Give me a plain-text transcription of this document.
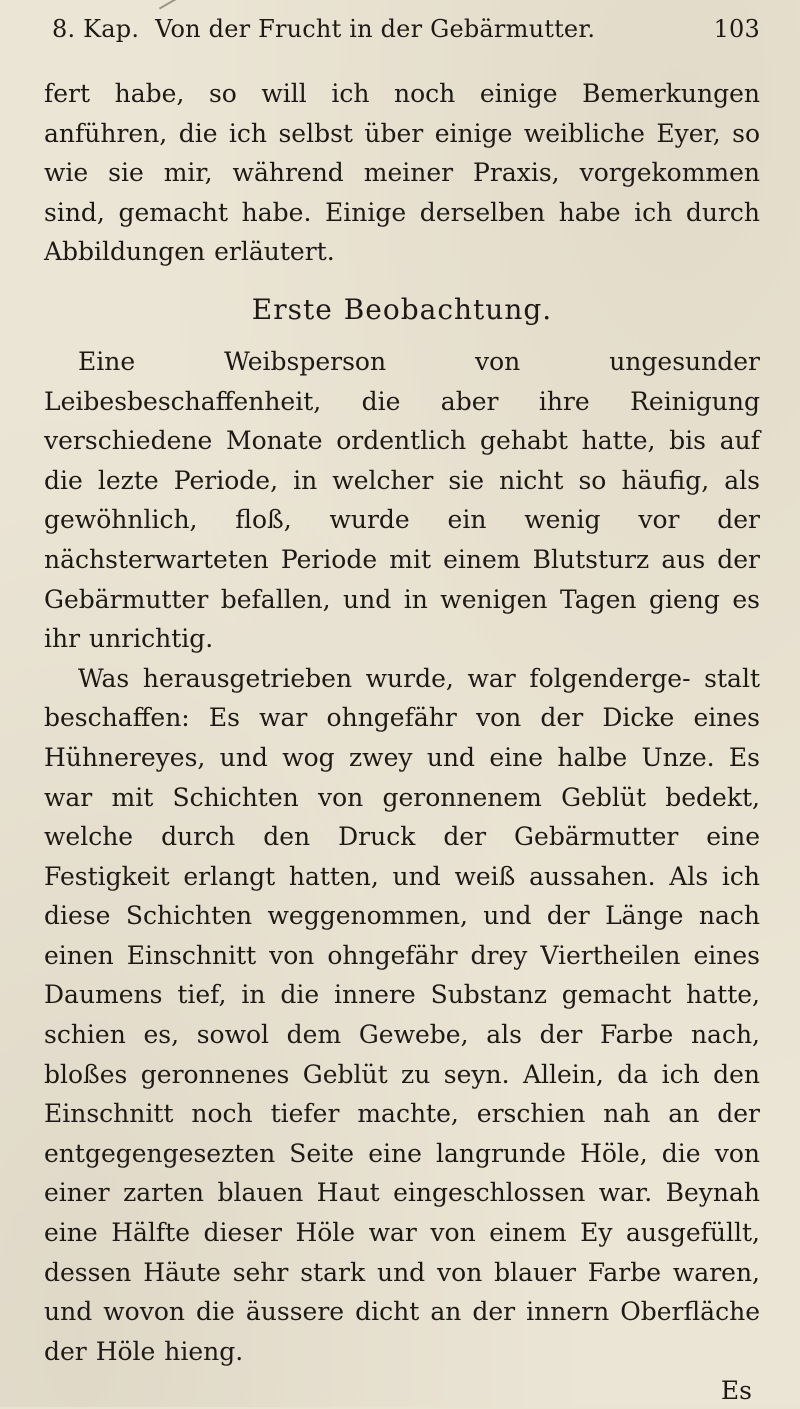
8. Kap. Von der Frucht in der Gebärmutter.	103

fert habe, so will ich noch einige Bemerkungen anführen, die ich selbst über einige weibliche Eyer, so wie sie mir, während meiner Praxis, vorgekommen sind, gemacht habe. Einige derselben habe ich durch Abbildungen erläutert.

Erste Beobachtung.

Eine Weibsperson von ungesunder Leibesbeschaffenheit, die aber ihre Reinigung verschiedene Monate ordentlich gehabt hatte, bis auf die lezte Periode, in welcher sie nicht so häufig, als gewöhnlich, floß, wurde ein wenig vor der nächsterwarteten Periode mit einem Blutsturz aus der Gebärmutter befallen, und in wenigen Tagen gieng es ihr unrichtig.

Was herausgetrieben wurde, war folgenderge- stalt beschaffen: Es war ohngefähr von der Dicke eines Hühnereyes, und wog zwey und eine halbe Unze. Es war mit Schichten von geronnenem Geblüt bedekt, welche durch den Druck der Gebärmutter eine Festigkeit erlangt hatten, und weiß aussahen. Als ich diese Schichten weggenommen, und der Länge nach einen Einschnitt von ohngefähr drey Viertheilen eines Daumens tief, in die innere Substanz gemacht hatte, schien es, sowol dem Gewebe, als der Farbe nach, bloßes geronnenes Geblüt zu seyn. Allein, da ich den Einschnitt noch tiefer machte, erschien nah an der entgegengesezten Seite eine langrunde Höle, die von einer zarten blauen Haut eingeschlossen war. Beynah eine Hälfte dieser Höle war von einem Ey ausgefüllt, dessen Häute sehr stark und von blauer Farbe waren, und wovon die äussere dicht an der innern Oberfläche der Höle hieng.

Es
